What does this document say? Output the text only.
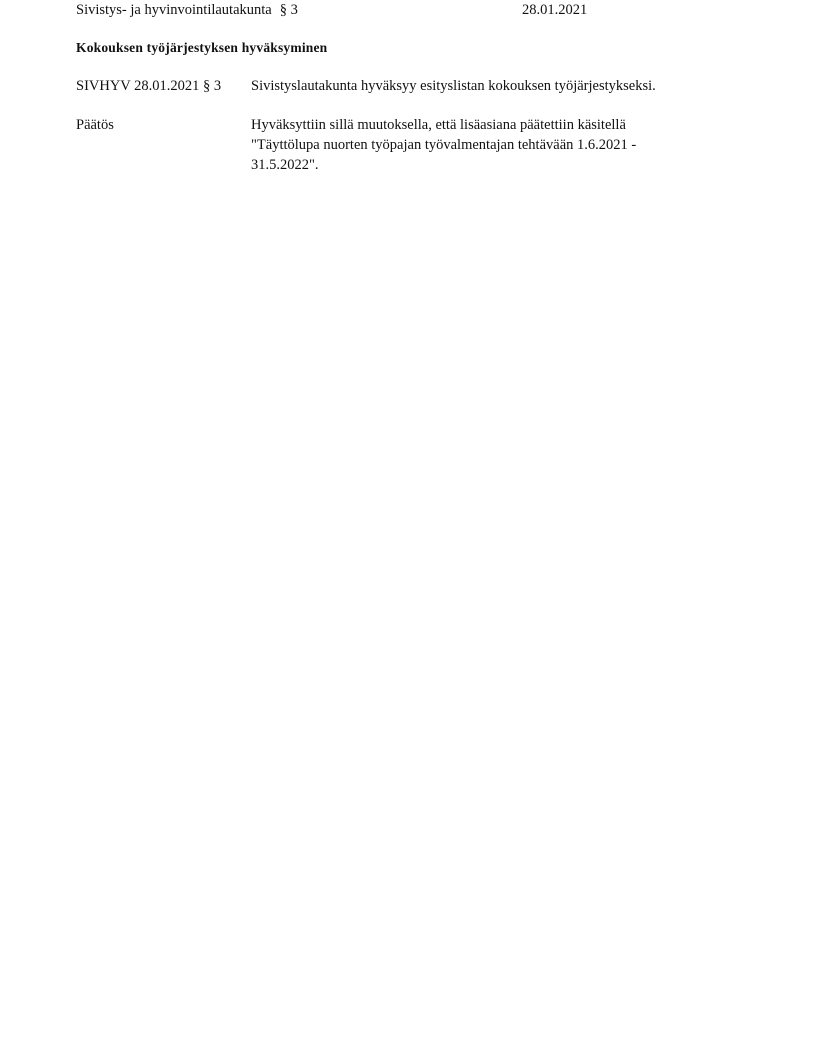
Sivistys- ja hyvinvointilautakunta § 3	28.01.2021
Kokouksen työjärjestyksen hyväksyminen
SIVHYV 28.01.2021 § 3	Sivistyslautakunta hyväksyy esityslistan kokouksen työjärjestykseksi.
Päätös	Hyväksyttiin sillä muutoksella, että lisäasiana päätettiin käsitellä "Täyttölupa nuorten työpajan työvalmentajan tehtävään 1.6.2021 - 31.5.2022".
